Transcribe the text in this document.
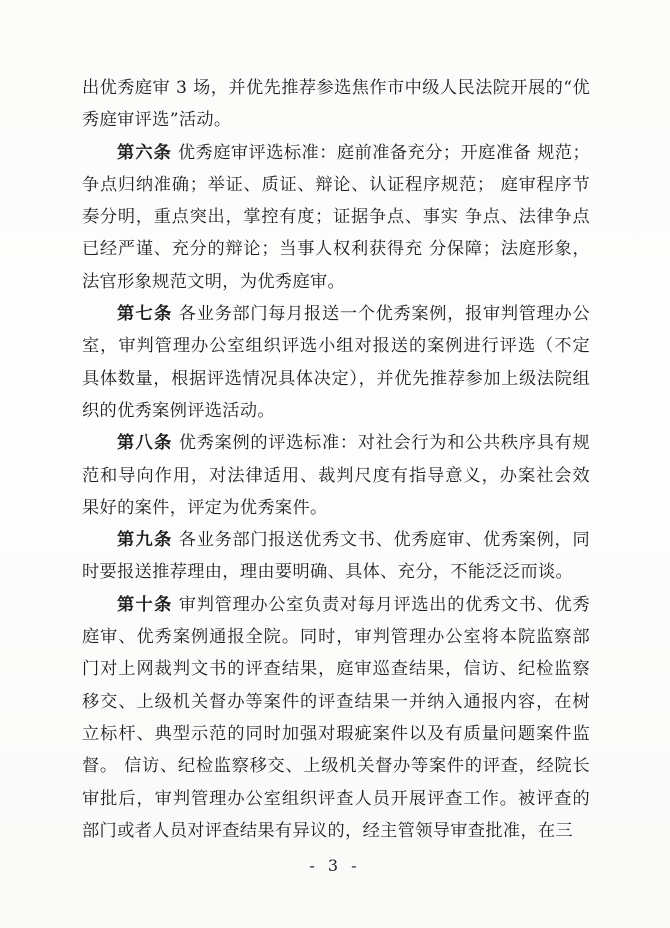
出优秀庭审 3 场，并优先推荐参选焦作市中级人民法院开展的“优秀庭审评选”活动。

第六条 优秀庭审评选标准：庭前准备充分；开庭准备 规范；争点归纳准确；举证、质证、辩论、认证程序规范； 庭审程序节奏分明，重点突出，掌控有度；证据争点、事实 争点、法律争点已经严谨、充分的辩论；当事人权利获得充 分保障；法庭形象，法官形象规范文明，为优秀庭审。

第七条 各业务部门每月报送一个优秀案例，报审判管理办公室，审判管理办公室组织评选小组对报送的案例进行评选（不定具体数量，根据评选情况具体决定），并优先推荐参加上级法院组织的优秀案例评选活动。

第八条 优秀案例的评选标准：对社会行为和公共秩序具有规范和导向作用，对法律适用、裁判尺度有指导意义，办案社会效果好的案件，评定为优秀案件。

第九条 各业务部门报送优秀文书、优秀庭审、优秀案例，同时要报送推荐理由，理由要明确、具体、充分，不能泛泛而谈。

第十条 审判管理办公室负责对每月评选出的优秀文书、优秀庭审、优秀案例通报全院。同时，审判管理办公室将本院监察部门对上网裁判文书的评查结果，庭审巡查结果，信访、纪检监察移交、上级机关督办等案件的评查结果一并纳入通报内容，在树立标杆、典型示范的同时加强对瑕疵案件以及有质量问题案件监督。 信访、纪检监察移交、上级机关督办等案件的评查，经院长审批后，审判管理办公室组织评查人员开展评查工作。被评查的部门或者人员对评查结果有异议的，经主管领导审查批准，在三

- 3 -
